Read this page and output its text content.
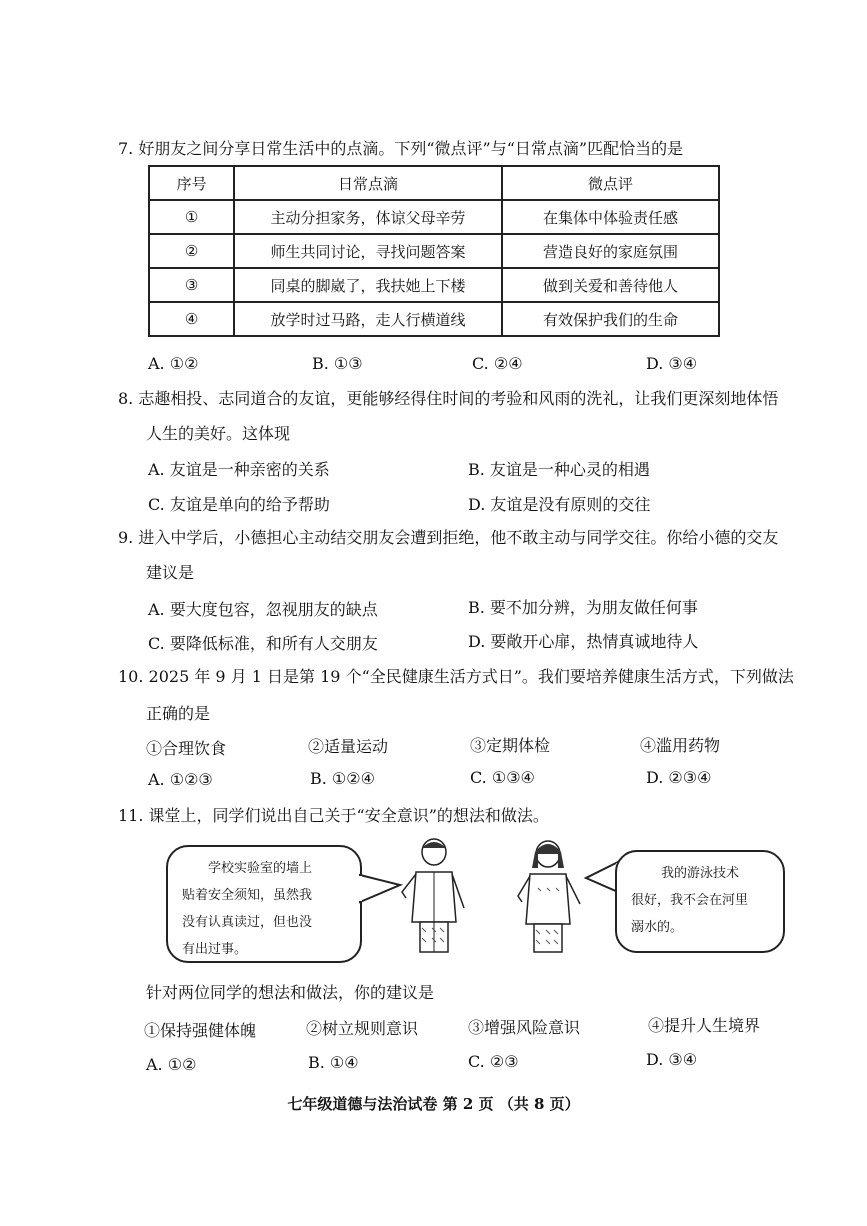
7. 好朋友之间分享日常生活中的点滴。下列“微点评”与“日常点滴”匹配恰当的是
序号	日常点滴	微点评
①	主动分担家务，体谅父母辛劳	在集体中体验责任感
②	师生共同讨论，寻找问题答案	营造良好的家庭氛围
③	同桌的脚崴了，我扶她上下楼	做到关爱和善待他人
④	放学时过马路，走人行横道线	有效保护我们的生命
A. ①②	B. ①③	C. ②④	D. ③④
8. 志趣相投、志同道合的友谊，更能够经得住时间的考验和风雨的洗礼，让我们更深刻地体悟
人生的美好。这体现
A. 友谊是一种亲密的关系	B. 友谊是一种心灵的相遇
C. 友谊是单向的给予帮助	D. 友谊是没有原则的交往
9. 进入中学后，小德担心主动结交朋友会遭到拒绝，他不敢主动与同学交往。你给小德的交友
建议是
A. 要大度包容，忽视朋友的缺点	B. 要不加分辨，为朋友做任何事
C. 要降低标准，和所有人交朋友	D. 要敞开心扉，热情真诚地待人
10. 2025 年 9 月 1 日是第 19 个“全民健康生活方式日”。我们要培养健康生活方式，下列做法
正确的是
①合理饮食	②适量运动	③定期体检	④滥用药物
A. ①②③	B. ①②④	C. ①③④	D. ②③④
11. 课堂上，同学们说出自己关于“安全意识”的想法和做法。
学校实验室的墙上
贴着安全须知，虽然我
没有认真读过，但也没
有出过事。
我的游泳技术
很好，我不会在河里
溺水的。
针对两位同学的想法和做法，你的建议是
①保持强健体魄	②树立规则意识	③增强风险意识	④提升人生境界
A. ①②	B. ①④	C. ②③	D. ③④
七年级道德与法治试卷 第 2 页 （共 8 页）
